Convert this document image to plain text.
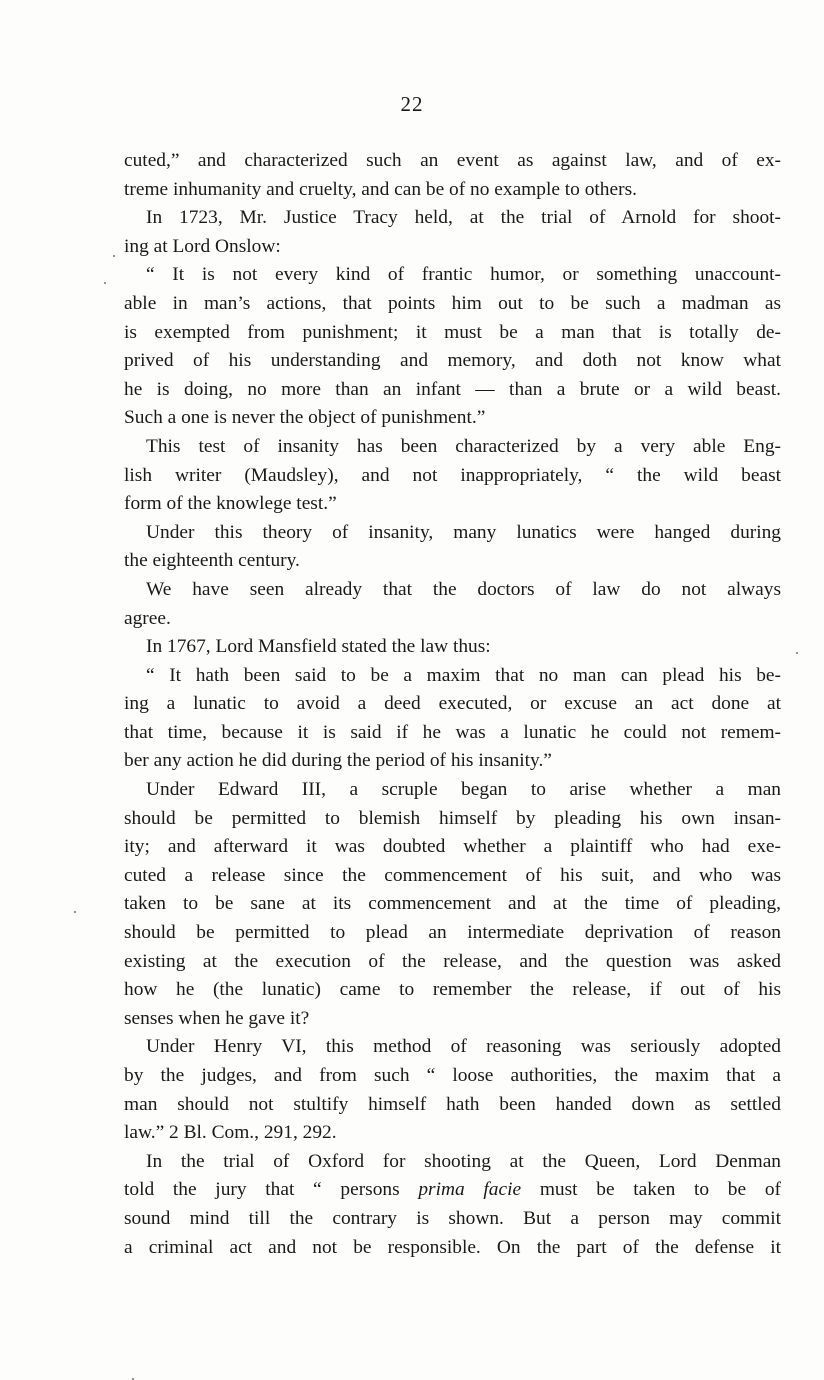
22
cuted,” and characterized such an event as against law, and of ex-
treme inhumanity and cruelty, and can be of no example to others.
In 1723, Mr. Justice Tracy held, at the trial of Arnold for shoot-
ing at Lord Onslow:
“ It is not every kind of frantic humor, or something unaccount-
able in man’s actions, that points him out to be such a madman as
is exempted from punishment; it must be a man that is totally de-
prived of his understanding and memory, and doth not know what
he is doing, no more than an infant — than a brute or a wild beast.
Such a one is never the object of punishment.”
This test of insanity has been characterized by a very able Eng-
lish writer (Maudsley), and not inappropriately, “ the wild beast
form of the knowlege test.”
Under this theory of insanity, many lunatics were hanged during
the eighteenth century.
We have seen already that the doctors of law do not always
agree.
In 1767, Lord Mansfield stated the law thus:
“ It hath been said to be a maxim that no man can plead his be-
ing a lunatic to avoid a deed executed, or excuse an act done at
that time, because it is said if he was a lunatic he could not remem-
ber any action he did during the period of his insanity.”
Under Edward III, a scruple began to arise whether a man
should be permitted to blemish himself by pleading his own insan-
ity; and afterward it was doubted whether a plaintiff who had exe-
cuted a release since the commencement of his suit, and who was
taken to be sane at its commencement and at the time of pleading,
should be permitted to plead an intermediate deprivation of reason
existing at the execution of the release, and the question was asked
how he (the lunatic) came to remember the release, if out of his
senses when he gave it?
Under Henry VI, this method of reasoning was seriously adopted
by the judges, and from such “ loose authorities, the maxim that a
man should not stultify himself hath been handed down as settled
law.” 2 Bl. Com., 291, 292.
In the trial of Oxford for shooting at the Queen, Lord Denman
told the jury that “ persons prima facie must be taken to be of
sound mind till the contrary is shown. But a person may commit
a criminal act and not be responsible. On the part of the defense it
